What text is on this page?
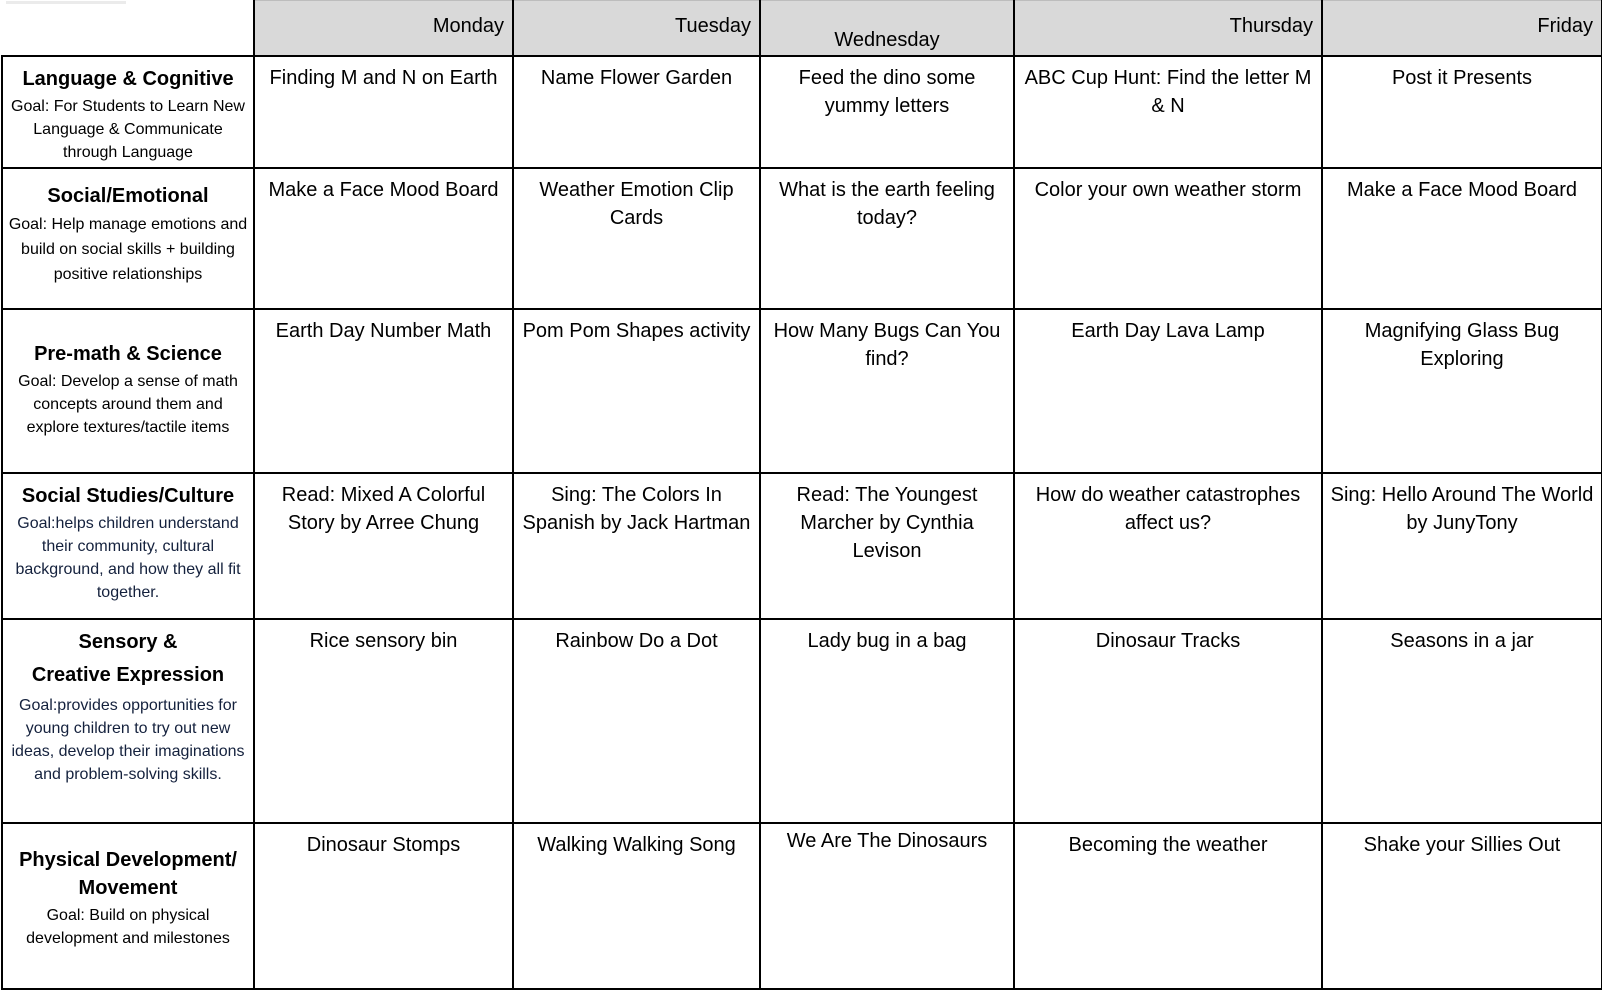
	Monday	Tuesday	Wednesday	Thursday	Friday

Language & Cognitive
Goal: For Students to Learn New Language & Communicate through Language	Finding M and N on Earth	Name Flower Garden	Feed the dino some yummy letters	ABC Cup Hunt: Find the letter M & N	Post it Presents

Social/Emotional
Goal: Help manage emotions and build on social skills + building positive relationships	Make a Face Mood Board	Weather Emotion Clip Cards	What is the earth feeling today?	Color your own weather storm	Make a Face Mood Board

Pre-math & Science
Goal: Develop a sense of math concepts around them and explore textures/tactile items	Earth Day Number Math	Pom Pom Shapes activity	How Many Bugs Can You find?	Earth Day Lava Lamp	Magnifying Glass Bug Exploring

Social Studies/Culture
Goal:helps children understand their community, cultural background, and how they all fit together.	Read: Mixed A Colorful Story by Arree Chung	Sing: The Colors In Spanish by Jack Hartman	Read: The Youngest Marcher by Cynthia Levison	How do weather catastrophes affect us?	Sing: Hello Around The World by JunyTony

Sensory &
Creative Expression
Goal:provides opportunities for young children to try out new ideas, develop their imaginations and problem-solving skills.	Rice sensory bin	Rainbow Do a Dot	Lady bug in a bag	Dinosaur Tracks	Seasons in a jar

Physical Development/ Movement
Goal: Build on physical development and milestones	Dinosaur Stomps	Walking Walking Song	We Are The Dinosaurs	Becoming the weather	Shake your Sillies Out
